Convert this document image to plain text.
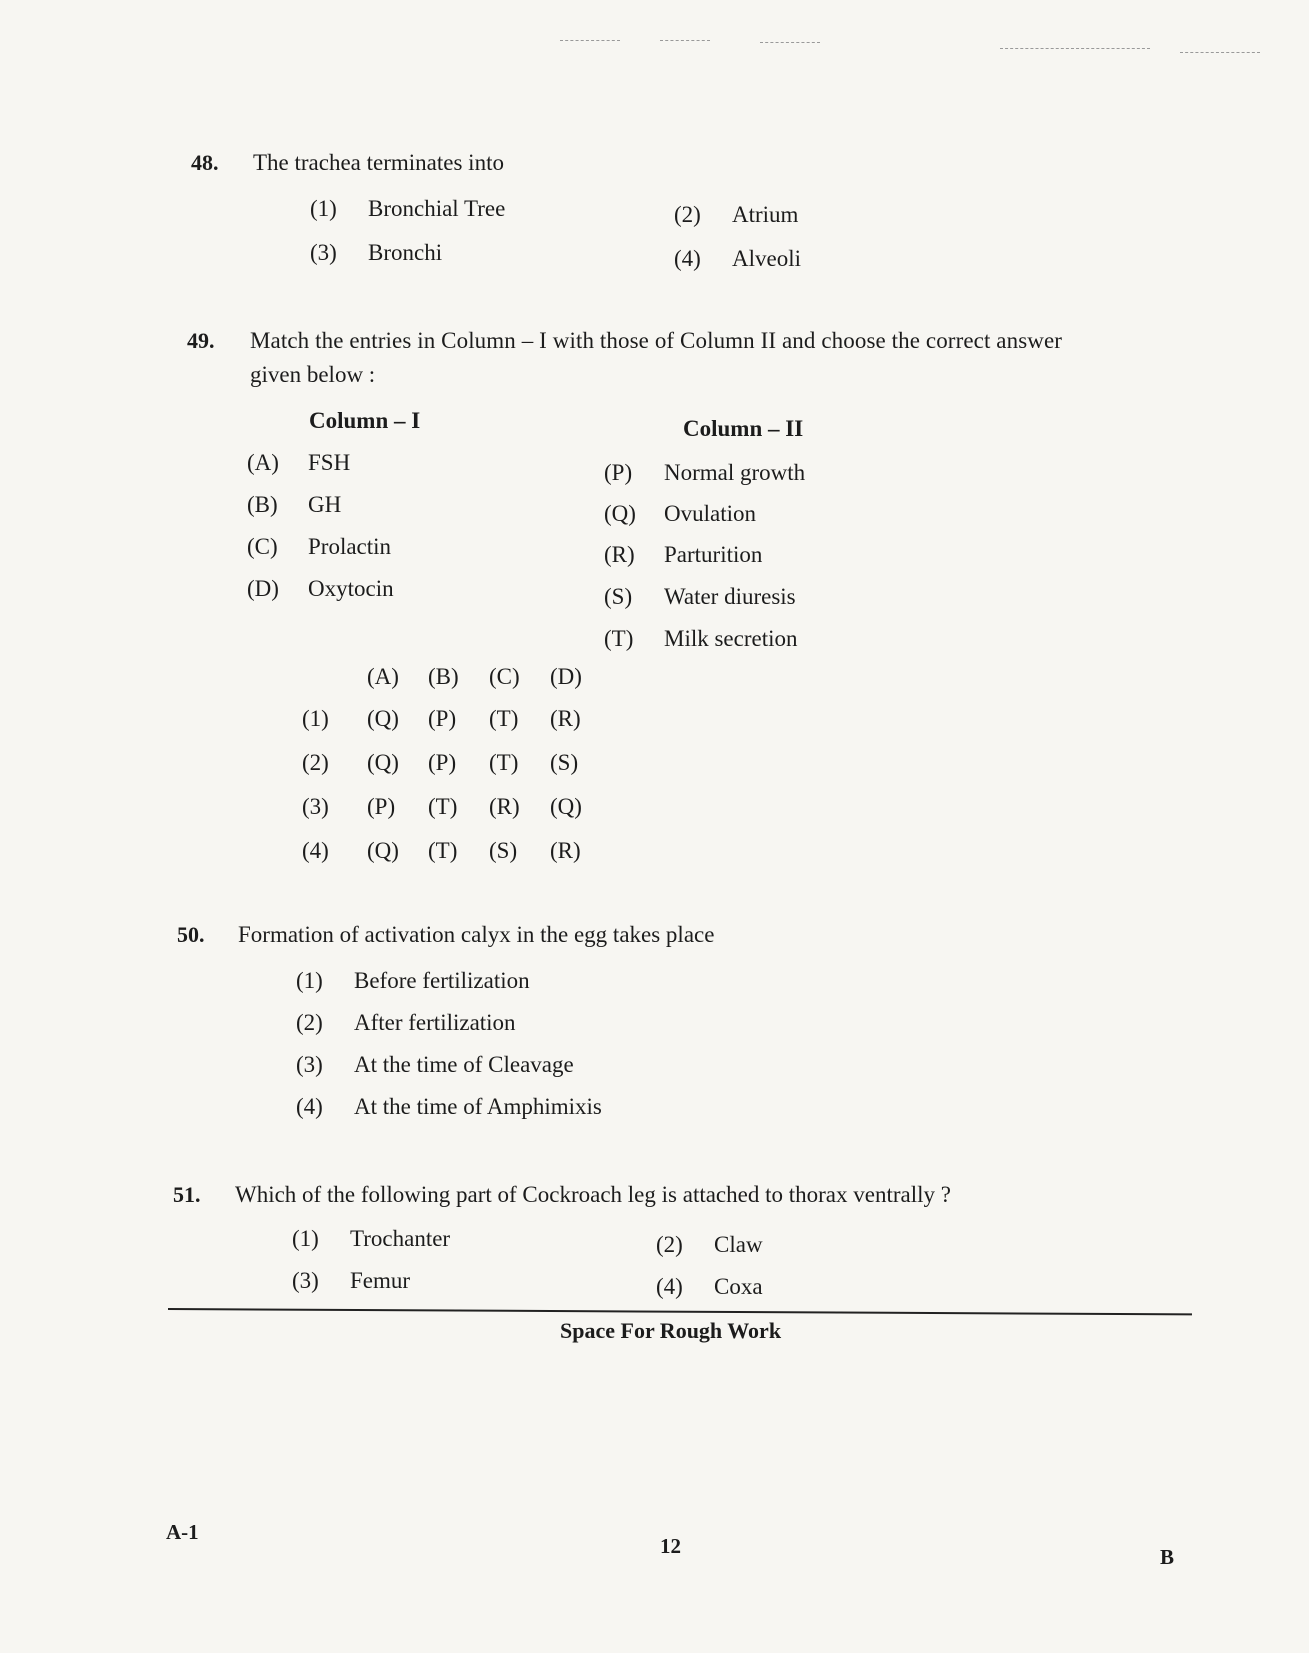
48. The trachea terminates into
(1) Bronchial Tree	(2) Atrium
(3) Bronchi	(4) Alveoli
49. Match the entries in Column – I with those of Column II and choose the correct answer
given below :
Column – I	Column – II
(A) FSH
(B) GH
(C) Prolactin
(D) Oxytocin
(P) Normal growth
(Q) Ovulation
(R) Parturition
(S) Water diuresis
(T) Milk secretion
(A) (B) (C) (D)
(1) (Q) (P) (T) (R)
(2) (Q) (P) (T) (S)
(3) (P) (T) (R) (Q)
(4) (Q) (T) (S) (R)
50. Formation of activation calyx in the egg takes place
(1) Before fertilization
(2) After fertilization
(3) At the time of Cleavage
(4) At the time of Amphimixis
51. Which of the following part of Cockroach leg is attached to thorax ventrally ?
(1) Trochanter	(2) Claw
(3) Femur	(4) Coxa
Space For Rough Work
A-1
12	B
